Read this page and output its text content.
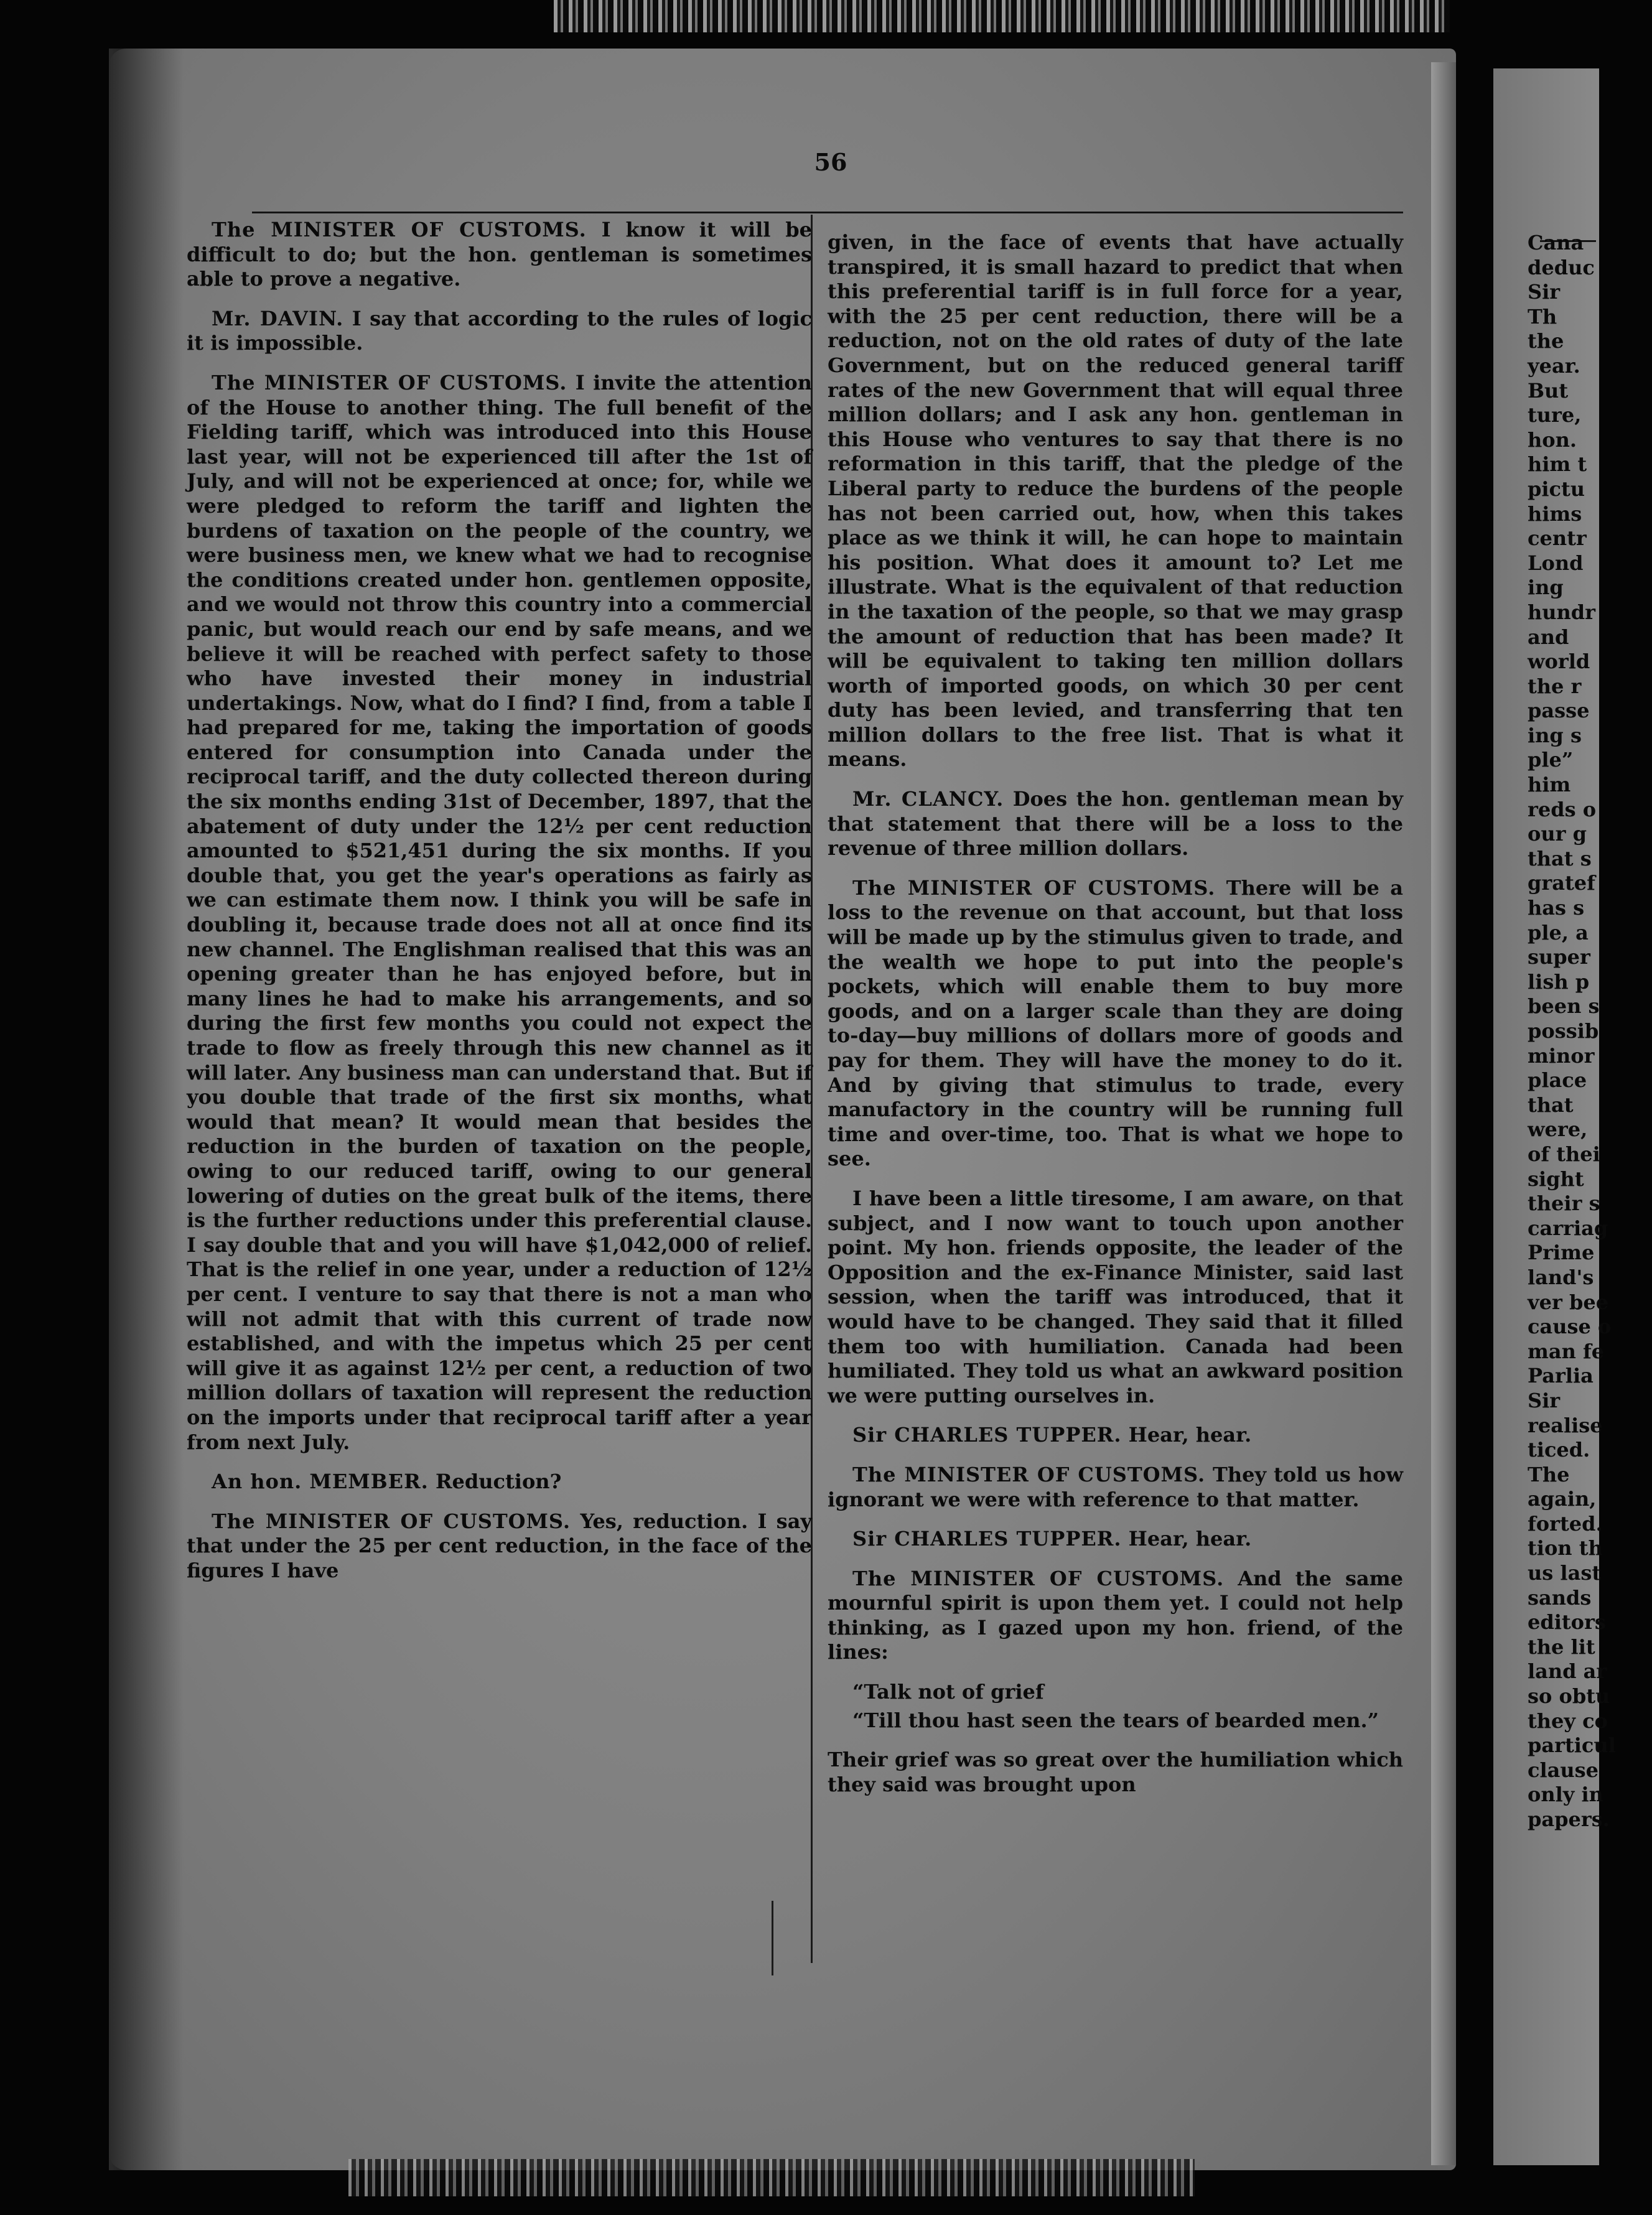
56

The MINISTER OF CUSTOMS. I know it will be difficult to do; but the hon. gentleman is sometimes able to prove a negative.

Mr. DAVIN. I say that according to the rules of logic it is impossible.

The MINISTER OF CUSTOMS. I invite the attention of the House to another thing. The full benefit of the Fielding tariff, which was introduced into this House last year, will not be experienced till after the 1st of July, and will not be experienced at once; for, while we were pledged to reform the tariff and lighten the burdens of taxation on the people of the country, we were business men, we knew what we had to recognise the conditions created under hon. gentlemen opposite, and we would not throw this country into a commercial panic, but would reach our end by safe means, and we believe it will be reached with perfect safety to those who have invested their money in industrial undertakings. Now, what do I find? I find, from a table I had prepared for me, taking the importation of goods entered for consumption into Canada under the reciprocal tariff, and the duty collected thereon during the six months ending 31st of December, 1897, that the abatement of duty under the 12½ per cent reduction amounted to $521,451 during the six months. If you double that, you get the year's operations as fairly as we can estimate them now. I think you will be safe in doubling it, because trade does not all at once find its new channel. The Englishman realised that this was an opening greater than he has enjoyed before, but in many lines he had to make his arrangements, and so during the first few months you could not expect the trade to flow as freely through this new channel as it will later. Any business man can understand that. But if you double that trade of the first six months, what would that mean? It would mean that besides the reduction in the burden of taxation on the people, owing to our reduced tariff, owing to our general lowering of duties on the great bulk of the items, there is the further reductions under this preferential clause. I say double that and you will have $1,042,000 of relief. That is the relief in one year, under a reduction of 12½ per cent. I venture to say that there is not a man who will not admit that with this current of trade now established, and with the impetus which 25 per cent will give it as against 12½ per cent, a reduction of two million dollars of taxation will represent the reduction on the imports under that reciprocal tariff after a year from next July.

An hon. MEMBER. Reduction?

The MINISTER OF CUSTOMS. Yes, reduction. I say that under the 25 per cent reduction, in the face of the figures I have

given, in the face of events that have actually transpired, it is small hazard to predict that when this preferential tariff is in full force for a year, with the 25 per cent reduction, there will be a reduction, not on the old rates of duty of the late Government, but on the reduced general tariff rates of the new Government that will equal three million dollars; and I ask any hon. gentleman in this House who ventures to say that there is no reformation in this tariff, that the pledge of the Liberal party to reduce the burdens of the people has not been carried out, how, when this takes place as we think it will, he can hope to maintain his position. What does it amount to? Let me illustrate. What is the equivalent of that reduction in the taxation of the people, so that we may grasp the amount of reduction that has been made? It will be equivalent to taking ten million dollars worth of imported goods, on which 30 per cent duty has been levied, and transferring that ten million dollars to the free list. That is what it means.

Mr. CLANCY. Does the hon. gentleman mean by that statement that there will be a loss to the revenue of three million dollars.

The MINISTER OF CUSTOMS. There will be a loss to the revenue on that account, but that loss will be made up by the stimulus given to trade, and the wealth we hope to put into the people's pockets, which will enable them to buy more goods, and on a larger scale than they are doing to-day—buy millions of dollars more of goods and pay for them. They will have the money to do it. And by giving that stimulus to trade, every manufactory in the country will be running full time and over-time, too. That is what we hope to see.

I have been a little tiresome, I am aware, on that subject, and I now want to touch upon another point. My hon. friends opposite, the leader of the Opposition and the ex-Finance Minister, said last session, when the tariff was introduced, that it would have to be changed. They said that it filled them too with humiliation. Canada had been humiliated. They told us what an awkward position we were putting ourselves in.

Sir CHARLES TUPPER. Hear, hear.

The MINISTER OF CUSTOMS. They told us how ignorant we were with reference to that matter.

Sir CHARLES TUPPER. Hear, hear.

The MINISTER OF CUSTOMS. And the same mournful spirit is upon them yet. I could not help thinking, as I gazed upon my hon. friend, of the lines:

“Talk not of grief

“Till thou hast seen the tears of bearded men.”

Their grief was so great over the humiliation which they said was brought upon

Cana
deduc
Sir
Th
the
year.
But
ture,
hon.
him t
pictu
hims
centr
Lond
ing
hundr
and
world
the r
passe
ing s
ple”
him
reds o
our g
that s
gratef
has s
ple, a
super
lish p
been s
possib
minor
place
that
were,
of thei
sight
their s
carriag
Prime
land's
ver bee
cause o
man fe
Parlia
Sir
realise
ticed.
The
again,
forted.
tion th
us last
sands
editors
the lit
land ar
so obtu
they co
particul
clause
only in
papers.
